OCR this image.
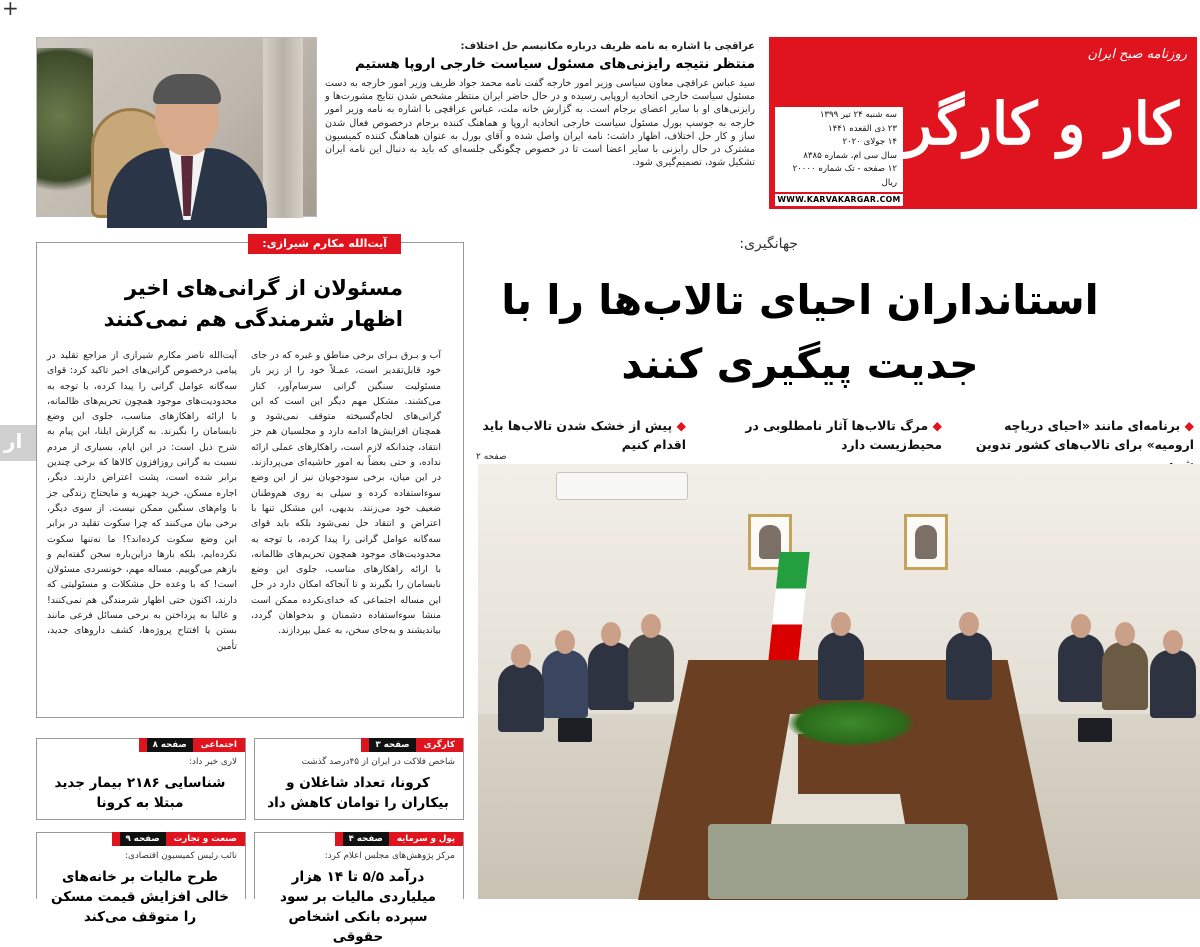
+
عراقچی با اشاره به نامه ظریف درباره مکانیسم حل اختلاف:
منتظر نتیجه رایزنی‌های مسئول سیاست خارجی اروپا هستیم
سید عباس عراقچی معاون سیاسی وزیر امور خارجه گفت نامه محمد جواد ظریف وزیر امور خارجه به دست مسئول سیاست خارجی اتحادیه اروپایی رسیده و در حال حاضر ایران منتظر مشخص شدن نتایج مشورت‌ها و رایزنی‌های او با سایر اعضای برجام است. به گزارش خانه ملت، عباس عراقچی با اشاره به نامه وزیر امور خارجه به جوسپ بورل مسئول سیاست خارجی اتحادیه اروپا و هماهنگ کننده برجام درخصوص فعال شدن ساز و کار حل اختلاف، اظهار داشت: نامه ایران واصل شده و آقای بورل به عنوان هماهنگ کننده کمیسیون مشترک در حال رایزنی با سایر اعضا است تا در خصوص چگونگی جلسه‌ای که باید به دنبال این نامه ایران تشکیل شود، تصمیم‌گیری شود.
روزنامه صبح ایران
کار و کارگر
سه شنبه ۲۴ تیر ۱۳۹۹
۲۳ ذی القعده ۱۴۴۱
۱۴ جولای ۲۰۲۰
سال سی ام، شماره ۸۳۸۵
۱۲ صفحه - تک شماره ۲۰۰۰۰ ریال
WWW.KARVAKARGAR.COM
ار
آیت‌الله مکارم شیرازی:
مسئولان از گرانی‌های اخیر اظهار شرمندگی هم نمی‌کنند
آیت‌الله ناصر مکارم شیرازی از مراجع تقلید در پیامی درخصوص گرانی‌های اخیر تاکید کرد: قوای سه‌گانه عوامل گرانی را پیدا کرده، با توجه به محدودیت‌های موجود همچون تحریم‌های ظالمانه، با ارائه راهکارهای مناسب، جلوی این وضع نابسامان را بگیرند. به گزارش ایلنا، این پیام به شرح ذیل است: در این ایام، بسیاری از مردم نسبت به گرانی روزافزون کالاها که برخی چندین برابر شده است، پشت اعتراض دارند. دیگر، اجاره مسکن، خرید جهیزیه و مایحتاج زندگی جز با وام‌های سنگین ممکن نیست. از سوی دیگر، برخی بیان می‌کنند که چرا سکوت تقلید در برابر این وضع سکوت کرده‌اند؟! ما نه‌تنها سکوت نکرده‌ایم، بلکه بارها دراین‌باره سخن گفته‌ایم و بازهم می‌گوییم. مساله مهم، خونسردی مسئولان است! که با وعده حل مشکلات و مسئولیتی که دارند، اکنون حتی اظهار شرمندگی هم نمی‌کنند! و غالبا به پرداختن به برخی مسائل فرعی مانند بستن یا افتتاح پروژه‌ها، کشف داروهای جدید، تأمین
آب و بـرق بـرای برخی مناطق و غیره که در جای خود قابل‌تقدیر است، عمـلاً خود را از زیر بار مسئولیت سنگین گرانی سرسام‌آور، کنار می‌کشند. مشکل مهم دیگر این است که این گرانی‌های لجام‌گسیخته متوقف نمی‌شود و همچنان افزایش‌ها ادامه دارد و مجلسیان هم جز انتقاد، چندانکه لازم است، راهکارهای عملی ارائه نداده، و حتی بعضاً به امور حاشیه‌ای می‌پردازند. در این میان، برخی سودجویان نیز از این وضع سوءاستفاده کرده و سیلی به روی هم‌وطنان ضعیف خود می‌زنند. بدیهی، این مشکل تنها با اعتراض و انتقاد حل نمی‌شود بلکه باید قوای سه‌گانه عوامل گرانی را پیدا کرده، با توجه به محدودیت‌های موجود همچون تحریم‌های ظالمانه، با ارائه راهکارهای مناسب، جلوی این وضع نابسامان را بگیرند و تا آنجاکه امکان دارد در حل این مساله اجتماعی که خدای‌نکرده ممکن است منشا سوءاستفاده دشمنان و بدخواهان گردد، بیاندیشند و به‌جای سخن، به عمل بپردازند.
جهانگیری:
استانداران احیای تالاب‌ها را با جدیت پیگیری کنند
◆ برنامه‌ای مانند «احیای دریاچه ارومیه» برای تالاب‌های کشور تدوین
◆ مرگ تالاب‌ها آثار نامطلوبی در محیط‌زیست دارد
◆ پیش از خشک شدن تالاب‌ها باید اقدام کنیم
صفحه ۲
کارگری
صفحه ۳
شاخص فلاکت در ایران از ۴۵درصد گذشت
کرونا، تعداد شاغلان و بیکاران را توامان کاهش داد
اجتماعی
صفحه ۸
لاری خبر داد:
شناسایی ۲۱۸۶ بیمار جدید مبتلا به کرونا
پول و سرمایه
صفحه ۴
مرکز پژوهش‌های مجلس اعلام کرد:
درآمد ۵/۵ تا ۱۴ هزار میلیاردی مالیات بر سود سپرده بانکی اشخاص حقوقی
صنعت و تجارت
صفحه ۹
نائب رئیس کمیسیون اقتصادی:
طرح مالیات بر خانه‌های خالی افزایش قیمت مسکن را متوقف می‌کند
